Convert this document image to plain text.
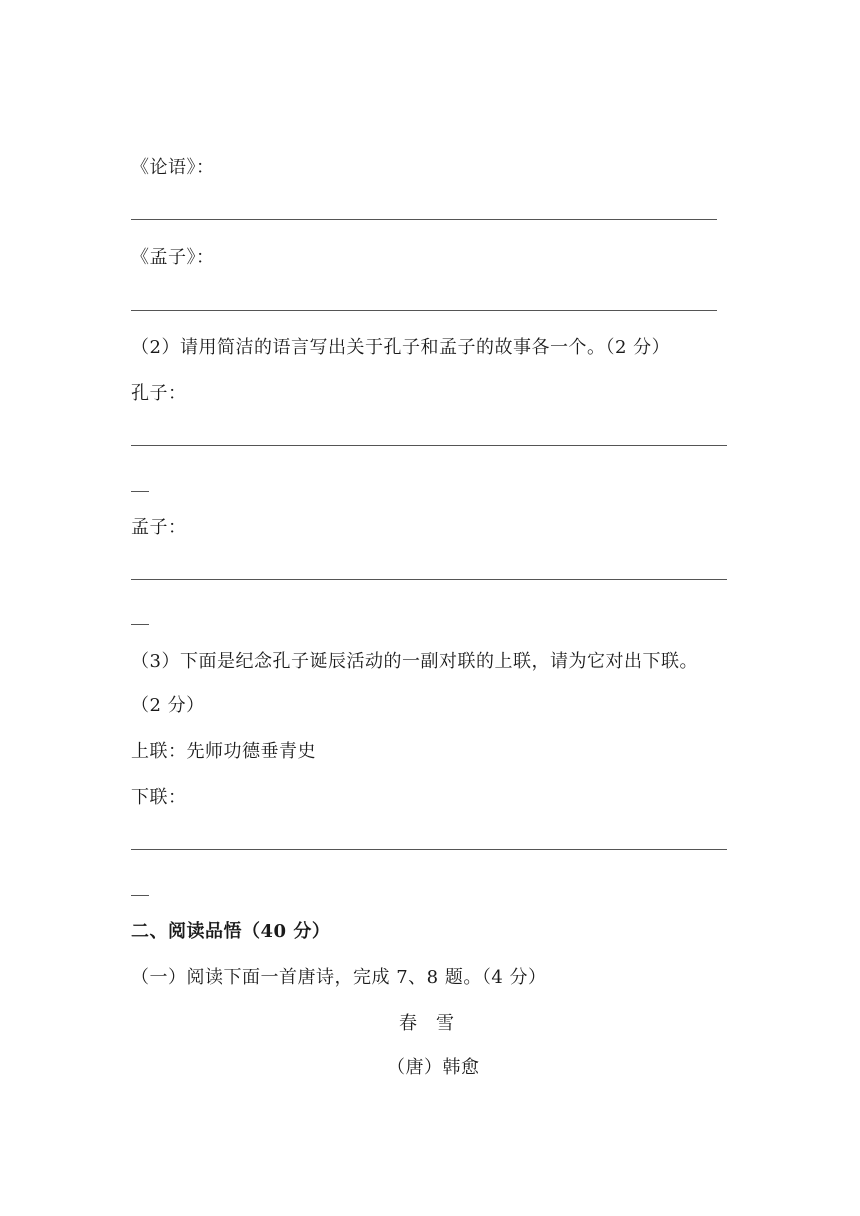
《论语》：
《孟子》：
（2）请用简洁的语言写出关于孔子和孟子的故事各一个。（2 分）
孔子：
孟子：
（3）下面是纪念孔子诞辰活动的一副对联的上联，请为它对出下联。
（2 分）
上联：先师功德垂青史
下联：
二、阅读品悟（40 分）
（一）阅读下面一首唐诗，完成 7、8 题。（4 分）
春　雪
（唐）韩愈
